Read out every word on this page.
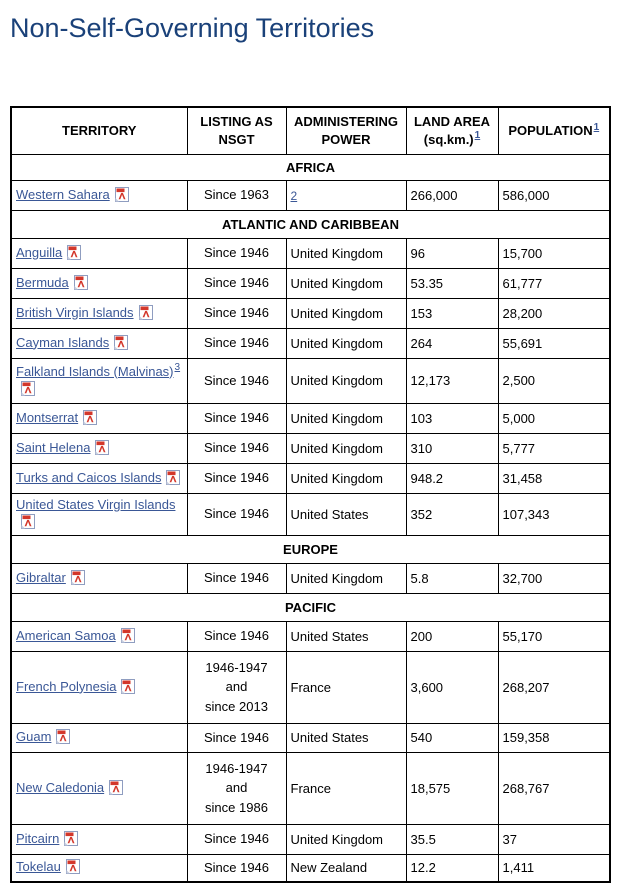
Non-Self-Governing Territories
TERRITORY	LISTING AS NSGT	ADMINISTERING POWER	LAND AREA (sq.km.)$^1$	POPULATION$^1$
AFRICA				
Western Sahara	Since 1963	2	266,000	586,000
ATLANTIC AND CARIBBEAN				
Anguilla	Since 1946	United Kingdom	96	15,700
Bermuda	Since 1946	United Kingdom	53.35	61,777
British Virgin Islands	Since 1946	United Kingdom	153	28,200
Cayman Islands	Since 1946	United Kingdom	264	55,691
Falkland Islands (Malvinas)$^3$	Since 1946	United Kingdom	12,173	2,500
Montserrat	Since 1946	United Kingdom	103	5,000
Saint Helena	Since 1946	United Kingdom	310	5,777
Turks and Caicos Islands	Since 1946	United Kingdom	948.2	31,458
United States Virgin Islands	Since 1946	United States	352	107,343
EUROPE				
Gibraltar	Since 1946	United Kingdom	5.8	32,700
PACIFIC				
American Samoa	Since 1946	United States	200	55,170
French Polynesia	1946-1947
and
since 2013	France	3,600	268,207
Guam	Since 1946	United States	540	159,358
New Caledonia	1946-1947
and
since 1986	France	18,575	268,767
Pitcairn	Since 1946	United Kingdom	35.5	37
Tokelau	Since 1946	New Zealand	12.2	1,411
